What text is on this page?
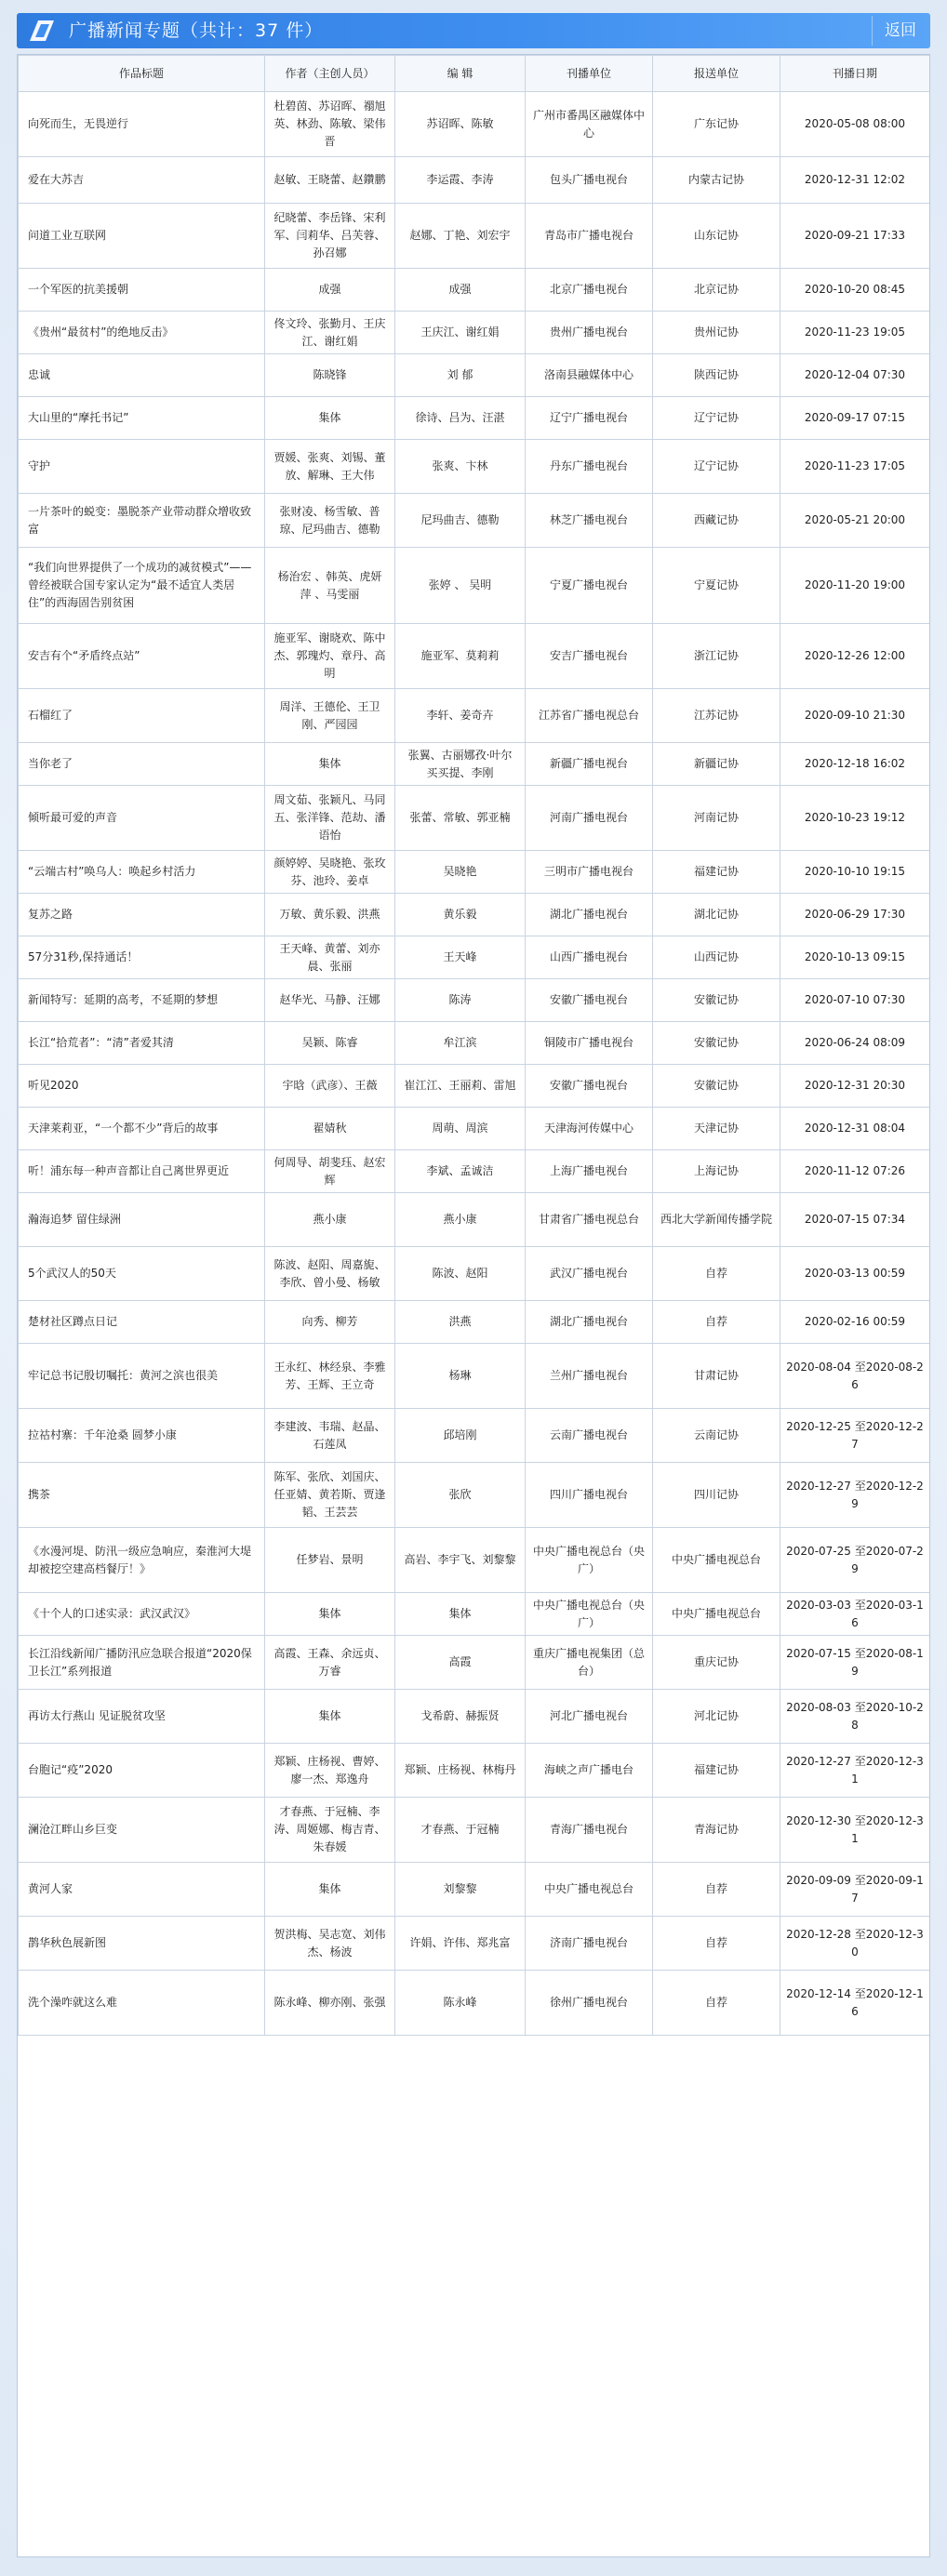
广播新闻专题（共计：37 件）	返回
作品标题	作者（主创人员）	编 辑	刊播单位	报送单位	刊播日期
向死而生，无畏逆行	杜碧茵、苏诏晖、禤旭英、林劲、陈敏、梁伟晋	苏诏晖、陈敏	广州市番禺区融媒体中心	广东记协	2020-05-08 08:00
爱在大苏吉	赵敏、王晓蕾、赵鑽鹏	李运霞、李涛	包头广播电视台	内蒙古记协	2020-12-31 12:02
问道工业互联网	纪晓蕾、李岳锋、宋利军、闫莉华、吕芙蓉、孙召娜	赵娜、丁艳、刘宏宇	青岛市广播电视台	山东记协	2020-09-21 17:33
一个军医的抗美援朝	成强	成强	北京广播电视台	北京记协	2020-10-20 08:45
《贵州“最贫村”的绝地反击》	佟文玲、张勤月、王庆江、谢红娟	王庆江、谢红娟	贵州广播电视台	贵州记协	2020-11-23 19:05
忠诚	陈晓锋	刘 郁	洛南县融媒体中心	陕西记协	2020-12-04 07:30
大山里的“摩托书记”	集体	徐诗、吕为、汪湛	辽宁广播电视台	辽宁记协	2020-09-17 07:15
守护	贾媛、张爽、刘锡、董放、解琳、王大伟	张爽、卞林	丹东广播电视台	辽宁记协	2020-11-23 17:05
一片茶叶的蜕变：墨脱茶产业带动群众增收致富	张财凌、杨雪敏、普琼、尼玛曲吉、德勒	尼玛曲吉、德勒	林芝广播电视台	西藏记协	2020-05-21 20:00
“我们向世界提供了一个成功的减贫模式”——曾经被联合国专家认定为“最不适宜人类居住”的西海固告别贫困	杨治宏 、韩英、虎妍萍 、马雯丽	张婷 、 吴明	宁夏广播电视台	宁夏记协	2020-11-20 19:00
安吉有个“矛盾终点站”	施亚军、谢晓欢、陈中杰、郭瑰灼、章丹、高明	施亚军、莫莉莉	安吉广播电视台	浙江记协	2020-12-26 12:00
石榴红了	周洋、王德伦、王卫刚、严园园	李轩、姜奇卉	江苏省广播电视总台	江苏记协	2020-09-10 21:30
当你老了	集体	张翼、古丽娜孜·叶尔买买提、李刚	新疆广播电视台	新疆记协	2020-12-18 16:02
倾听最可爱的声音	周文茹、张颖凡、马同五、张洋锋、范劫、潘语怡	张蕾、常敏、郭亚楠	河南广播电视台	河南记协	2020-10-23 19:12
“云端古村”唤乌人：唤起乡村活力	颜婷婷、吴晓艳、张玫芬、池玲、姜卓	吴晓艳	三明市广播电视台	福建记协	2020-10-10 19:15
复苏之路	万敏、黄乐毅、洪燕	黄乐毅	湖北广播电视台	湖北记协	2020-06-29 17:30
57分31秒,保持通话！	王天峰、黄蕾、刘亦晨、张丽	王天峰	山西广播电视台	山西记协	2020-10-13 09:15
新闻特写：延期的高考，不延期的梦想	赵华光、马静、汪娜	陈涛	安徽广播电视台	安徽记协	2020-07-10 07:30
长江“拾荒者”：“清”者爱其清	吴颖、陈睿	牟江滨	铜陵市广播电视台	安徽记协	2020-06-24 08:09
听见2020	宇晗（武彦）、王薇	崔江江、王丽莉、雷旭	安徽广播电视台	安徽记协	2020-12-31 20:30
天津莱莉亚，“一个都不少”背后的故事	翟婧秋	周萌、周滨	天津海河传媒中心	天津记协	2020-12-31 08:04
听！浦东每一种声音都让自己离世界更近	何周导、胡斐珏、赵宏辉	李斌、孟诚洁	上海广播电视台	上海记协	2020-11-12 07:26
瀚海追梦 留住绿洲	燕小康	燕小康	甘肃省广播电视总台	西北大学新闻传播学院	2020-07-15 07:34
5个武汉人的50天	陈波、赵阳、周嘉旎、李欣、曾小曼、杨敏	陈波、赵阳	武汉广播电视台	自荐	2020-03-13 00:59
楚材社区蹲点日记	向秀、柳芳	洪燕	湖北广播电视台	自荐	2020-02-16 00:59
牢记总书记殷切嘱托：黄河之滨也很美	王永红、林经泉、李雅芳、王辉、王立奇	杨琳	兰州广播电视台	甘肃记协	2020-08-04 至2020-08-26
拉祜村寨：千年沧桑 圆梦小康	李建波、韦瑞、赵晶、石莲凤	邱培刚	云南广播电视台	云南记协	2020-12-25 至2020-12-27
携茶	陈军、张欣、刘国庆、任亚婧、黄若斯、贾逢韬、王芸芸	张欣	四川广播电视台	四川记协	2020-12-27 至2020-12-29
《水漫河堤、防汛一级应急响应，秦淮河大堤却被挖空建高档餐厅！》	任梦岩、景明	高岩、李宇飞、刘黎黎	中央广播电视总台（央广）	中央广播电视总台	2020-07-25 至2020-07-29
《十个人的口述实录：武汉武汉》	集体	集体	中央广播电视总台（央广）	中央广播电视总台	2020-03-03 至2020-03-16
长江沿线新闻广播防汛应急联合报道“2020保卫长江”系列报道	高霞、王森、余远贞、万睿	高霞	重庆广播电视集团（总台）	重庆记协	2020-07-15 至2020-08-19
再访太行燕山 见证脱贫攻坚	集体	戈希蔚、赫振贤	河北广播电视台	河北记协	2020-08-03 至2020-10-28
台胞记“疫”2020	郑颖、庄杨视、曹婷、廖一杰、郑逸舟	郑颖、庄杨视、林梅丹	海峡之声广播电台	福建记协	2020-12-27 至2020-12-31
澜沧江畔山乡巨变	才春燕、于冠楠、李涛、周姬娜、梅吉青、朱春媛	才春燕、于冠楠	青海广播电视台	青海记协	2020-12-30 至2020-12-31
黄河人家	集体	刘黎黎	中央广播电视总台	自荐	2020-09-09 至2020-09-17
鹊华秋色展新图	贺洪梅、吴志宽、刘伟杰、杨波	许娟、许伟、郑兆富	济南广播电视台	自荐	2020-12-28 至2020-12-30
洗个澡咋就这么难	陈永峰、柳亦刚、张强	陈永峰	徐州广播电视台	自荐	2020-12-14 至2020-12-16
